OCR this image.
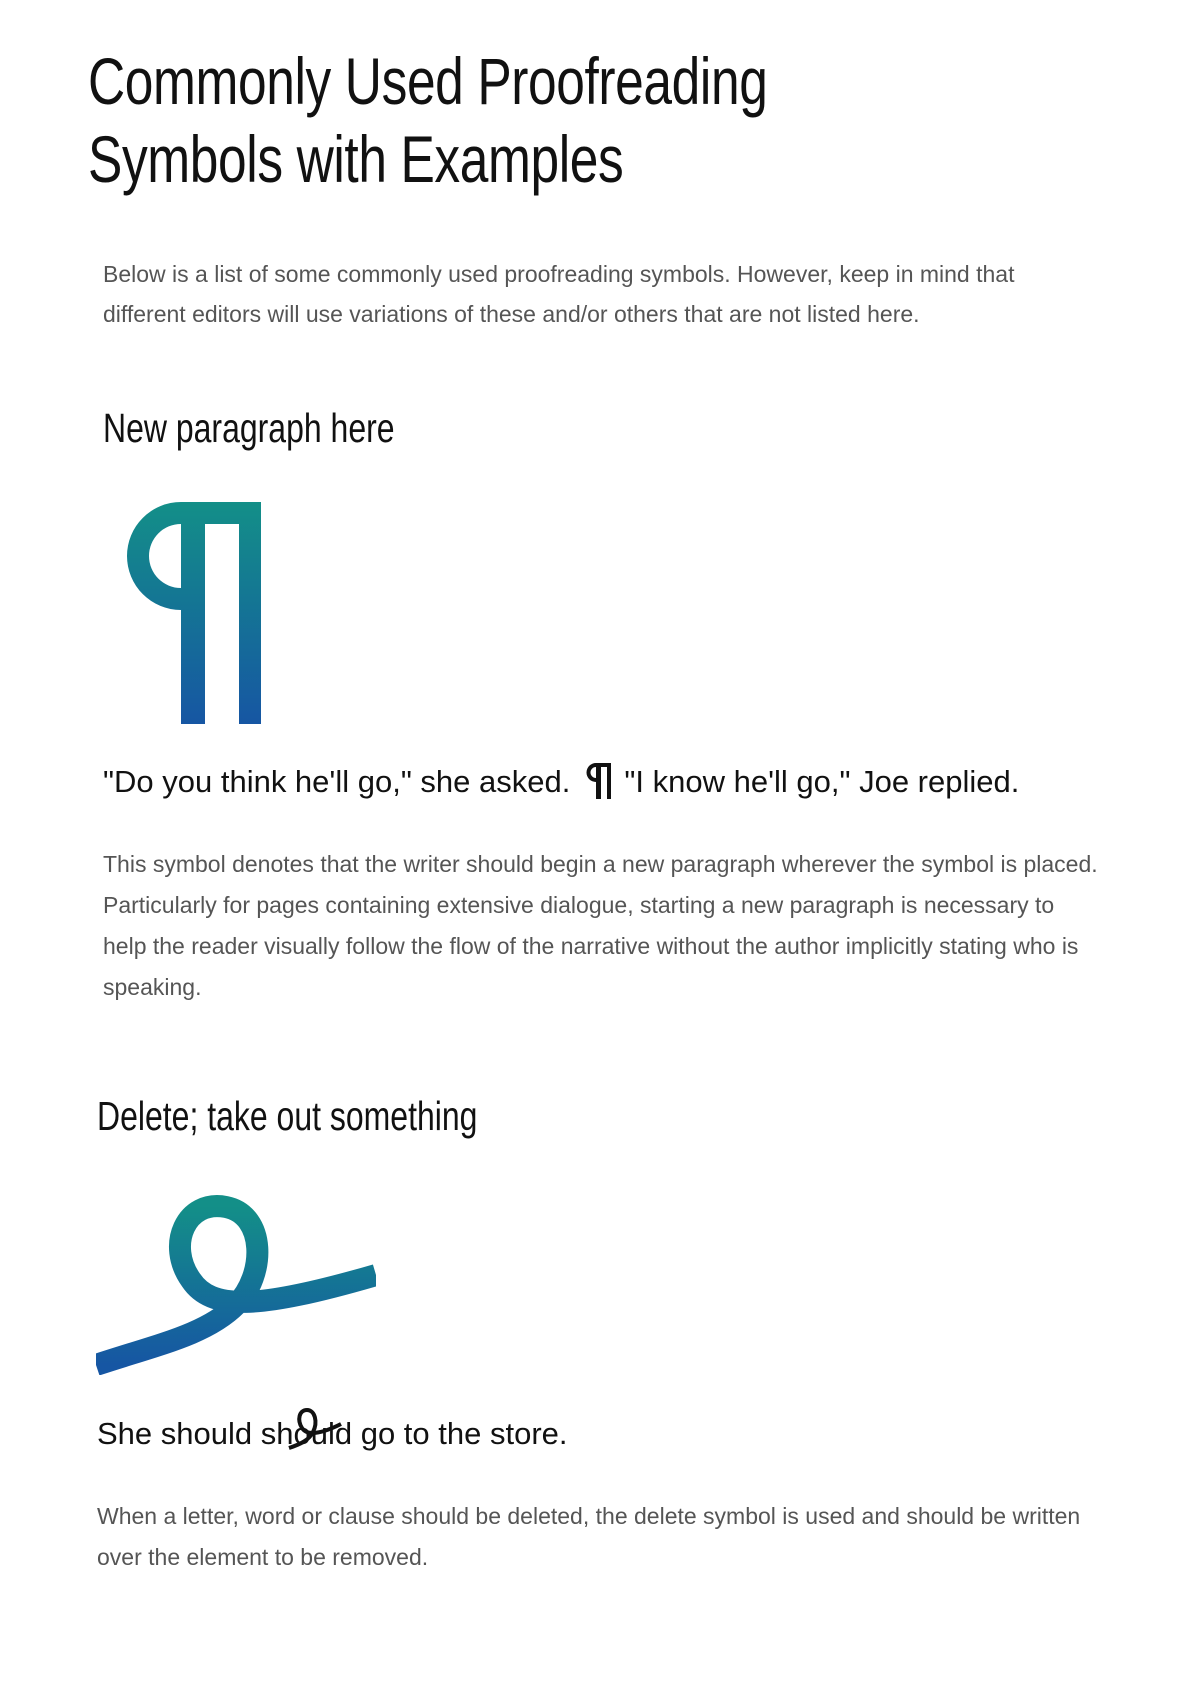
Commonly Used Proofreading
Symbols with Examples

Below is a list of some commonly used proofreading symbols. However, keep in mind that different editors will use variations of these and/or others that are not listed here.

New paragraph here

"Do you think he'll go," she asked. "I know he'll go," Joe replied.

This symbol denotes that the writer should begin a new paragraph wherever the symbol is placed. Particularly for pages containing extensive dialogue, starting a new paragraph is necessary to help the reader visually follow the flow of the narrative without the author implicitly stating who is speaking.

Delete; take out something

She should shoul
d go to the store.

When a letter, word or clause should be deleted, the delete symbol is used and should be written over the element to be removed.
